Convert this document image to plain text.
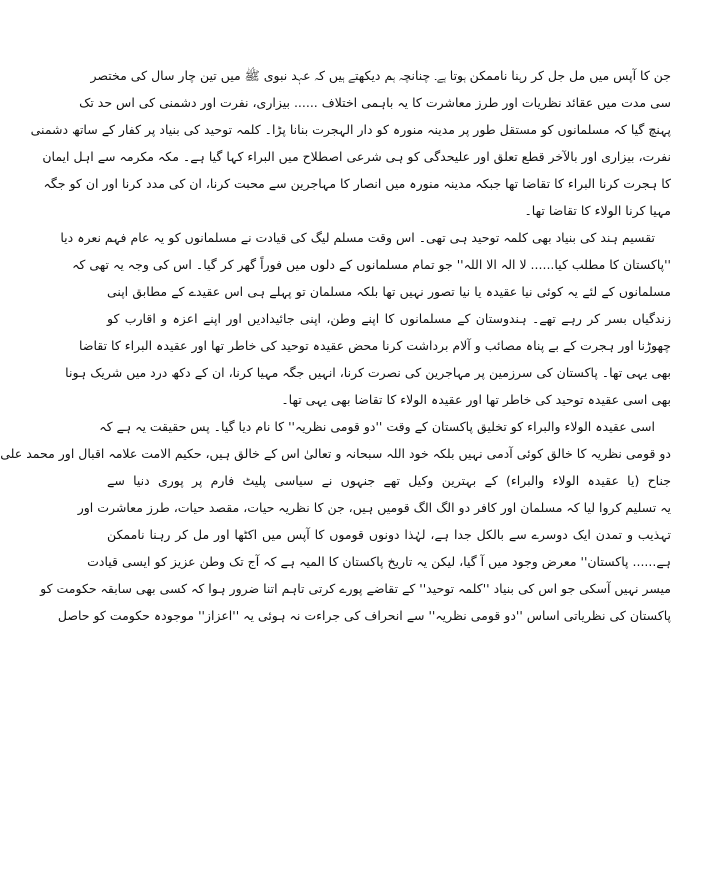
جن کا آپس میں مل جل کر رہنا ناممکن ہوتا ہے۔ چنانچہ ہم دیکھتے ہیں کہ عہد نبوی ﷺ میں تین چار سال کی مختصر
سی مدت میں عقائد نظریات اور طرز معاشرت کا یہ باہمی اختلاف ...... بیزاری، نفرت اور دشمنی کی اس حد تک
پہنچ گیا کہ مسلمانوں کو مستقل طور پر مدینہ منورہ کو دار الہجرت بنانا پڑا۔ کلمہ توحید کی بنیاد پر کفار کے ساتھ دشمنی
نفرت، بیزاری اور بالآخر قطع تعلق اور علیحدگی کو ہی شرعی اصطلاح میں البراء کہا گیا ہے۔ مکہ مکرمہ سے اہل ایمان
کا ہجرت کرنا البراء کا تقاضا تھا جبکہ مدینہ منورہ میں انصار کا مہاجرین سے محبت کرنا، ان کی مدد کرنا اور ان کو جگہ
مہیا کرنا الولاء کا تقاضا تھا۔
تقسیم ہند کی بنیاد بھی کلمہ توحید ہی تھی۔ اس وقت مسلم لیگ کی قیادت نے مسلمانوں کو یہ عام فہم نعرہ دیا
''پاکستان کا مطلب کیا...... لا الہ الا اللہ'' جو تمام مسلمانوں کے دلوں میں فوراً گھر کر گیا۔ اس کی وجہ یہ تھی کہ
مسلمانوں کے لئے یہ کوئی نیا عقیدہ یا نیا تصور نہیں تھا بلکہ مسلمان تو پہلے ہی اس عقیدے کے مطابق اپنی
زندگیاں بسر کر رہے تھے۔ ہندوستان کے مسلمانوں کا اپنے وطن، اپنی جائیدادیں اور اپنے اعزہ و اقارب کو
چھوڑنا اور ہجرت کے بے پناہ مصائب و آلام برداشت کرنا محض عقیدہ توحید کی خاطر تھا اور عقیدہ البراء کا تقاضا
بھی یہی تھا۔ پاکستان کی سرزمین پر مہاجرین کی نصرت کرنا، انہیں جگہ مہیا کرنا، ان کے دکھ درد میں شریک ہونا
بھی اسی عقیدہ توحید کی خاطر تھا اور عقیدہ الولاء کا تقاضا بھی یہی تھا۔
اسی عقیدہ الولاء والبراء کو تخلیق پاکستان کے وقت ''دو قومی نظریہ'' کا نام دیا گیا۔ پس حقیقت یہ ہے کہ
دو قومی نظریہ کا خالق کوئی آدمی نہیں بلکہ خود اللہ سبحانہ و تعالیٰ اس کے خالق ہیں، حکیم الامت علامہ اقبال اور محمد علی
جناح (یا عقیدہ الولاء والبراء) کے بہترین وکیل تھے جنہوں نے سیاسی پلیٹ فارم پر پوری دنیا سے
یہ تسلیم کروا لیا کہ مسلمان اور کافر دو الگ الگ قومیں ہیں، جن کا نظریہ حیات، مقصد حیات، طرز معاشرت اور
تہذیب و تمدن ایک دوسرے سے بالکل جدا ہے، لہٰذا دونوں قوموں کا آپس میں اکٹھا اور مل کر رہنا ناممکن
ہے...... پاکستان'' معرض وجود میں آ گیا، لیکن یہ تاریخ پاکستان کا المیہ ہے کہ آج تک وطن عزیز کو ایسی قیادت
میسر نہیں آسکی جو اس کی بنیاد ''کلمہ توحید'' کے تقاضے پورے کرتی تاہم اتنا ضرور ہوا کہ کسی بھی سابقہ حکومت کو
پاکستان کی نظریاتی اساس ''دو قومی نظریہ'' سے انحراف کی جراءت نہ ہوئی یہ ''اعزاز'' موجودہ حکومت کو حاصل
